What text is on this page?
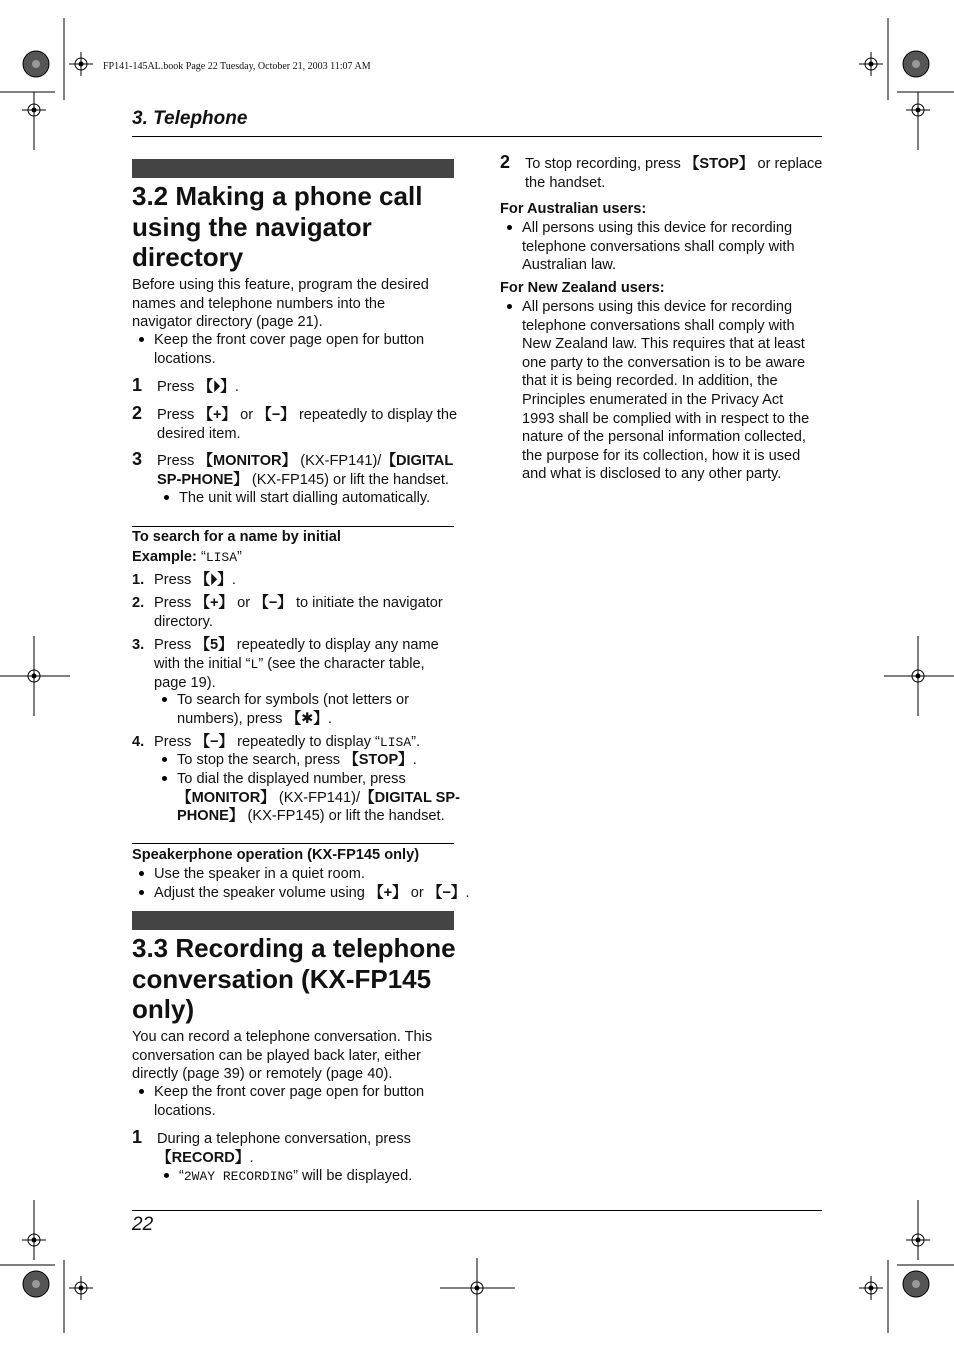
FP141-145AL.book Page 22 Tuesday, October 21, 2003 11:07 AM
3. Telephone
3.2 Making a phone call
using the navigator
directory
Before using this feature, program the desired
names and telephone numbers into the
navigator directory (page 21).
Keep the front cover page open for button
locations.
1 Press 【⏵】.
2 Press 【+】 or 【−】 repeatedly to display the
desired item.
3 Press 【MONITOR】 (KX-FP141)/【DIGITAL
SP-PHONE】 (KX-FP145) or lift the handset.
The unit will start dialling automatically.
To search for a name by initial
Example: “LISA”
1. Press 【⏵】.
2. Press 【+】 or 【−】 to initiate the navigator
directory.
3. Press 【5】 repeatedly to display any name
with the initial “L” (see the character table,
page 19).
To search for symbols (not letters or
numbers), press 【✱】.
4. Press 【−】 repeatedly to display “LISA”.
To stop the search, press 【STOP】.
To dial the displayed number, press
【MONITOR】 (KX-FP141)/【DIGITAL SP-
PHONE】 (KX-FP145) or lift the handset.
Speakerphone operation (KX-FP145 only)
Use the speaker in a quiet room.
Adjust the speaker volume using 【+】 or 【−】.
3.3 Recording a telephone
conversation (KX-FP145
only)
You can record a telephone conversation. This
conversation can be played back later, either
directly (page 39) or remotely (page 40).
Keep the front cover page open for button
locations.
1 During a telephone conversation, press
【RECORD】.
“2WAY RECORDING” will be displayed.
2 To stop recording, press 【STOP】 or replace
the handset.
For Australian users:
All persons using this device for recording
telephone conversations shall comply with
Australian law.
For New Zealand users:
All persons using this device for recording
telephone conversations shall comply with
New Zealand law. This requires that at least
one party to the conversation is to be aware
that it is being recorded. In addition, the
Principles enumerated in the Privacy Act
1993 shall be complied with in respect to the
nature of the personal information collected,
the purpose for its collection, how it is used
and what is disclosed to any other party.
22
